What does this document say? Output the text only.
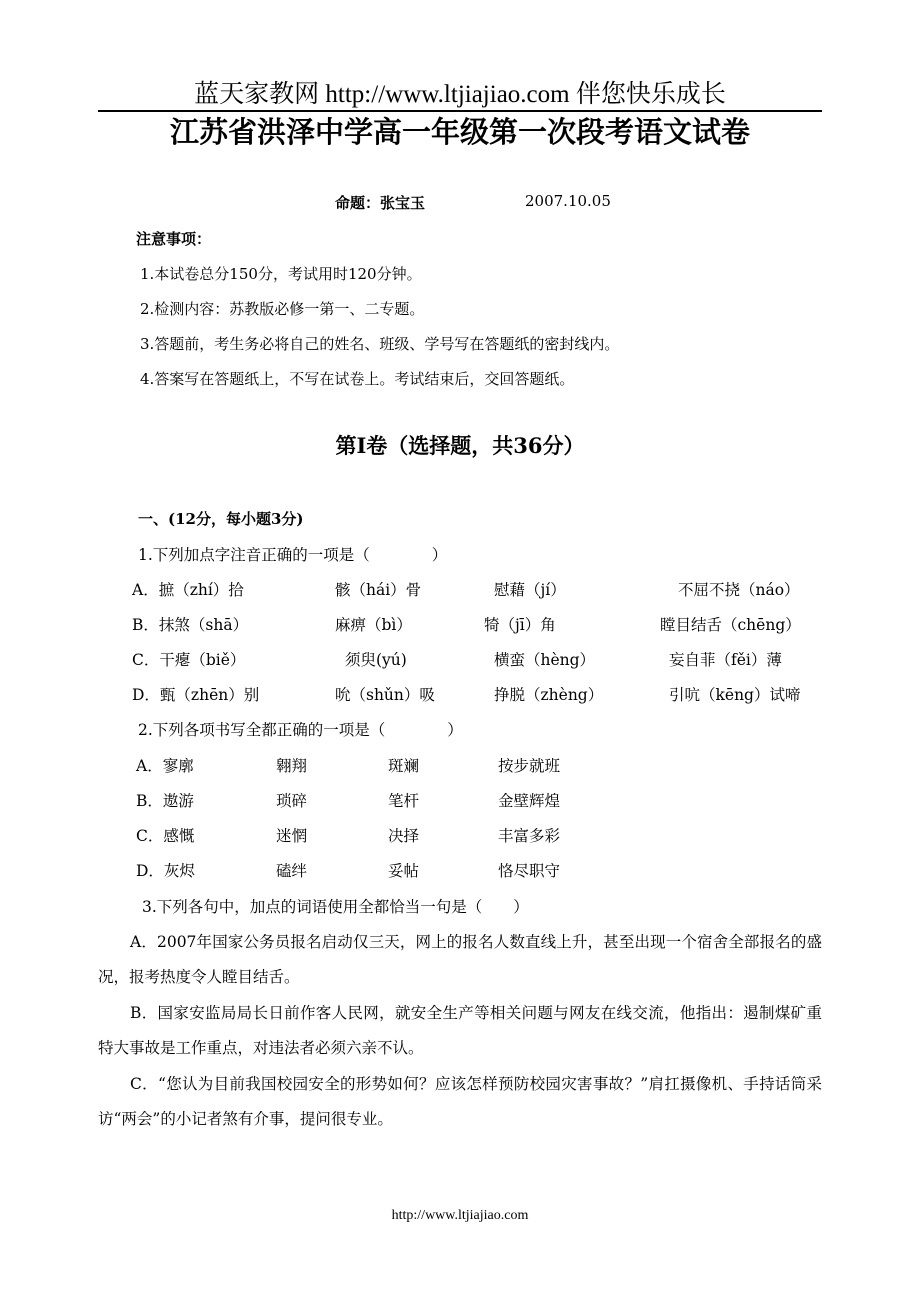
蓝天家教网 http://www.ltjiajiao.com 伴您快乐成长
江苏省洪泽中学高一年级第一次段考语文试卷
命题：张宝玉	2007.10.05
注意事项：
1.本试卷总分150分，考试用时120分钟。
2.检测内容：苏教版必修一第一、二专题。
3.答题前，考生务必将自己的姓名、班级、学号写在答题纸的密封线内。
4.答案写在答题纸上，不写在试卷上。考试结束后，交回答题纸。
第Ⅰ卷（选择题，共36分）
一、(12分，每小题3分)
1.下列加点字注音正确的一项是（　　　　）
A．摭（zhí）拾	骸（hái）骨	慰藉（jí）	不屈不挠（náo）
B．抹煞（shā）	麻痹（bì）	犄（jī）角	瞠目结舌（chēng）
C．干瘪（biě）	须臾(yú)	横蛮（hèng）	妄自菲（fěi）薄
D．甄（zhēn）别	吮（shǔn）吸	挣脱（zhèng）	引吭（kēng）试啼
2.下列各项书写全都正确的一项是（　　　　）
A．寥廓	翱翔	斑斓	按步就班
B．遨游	琐碎	笔杆	金壁辉煌
C．感慨	迷惘	决择	丰富多彩
D．灰烬	磕绊	妥帖	恪尽职守
3.下列各句中，加点的词语使用全都恰当一句是（　　）
A．2007年国家公务员报名启动仅三天，网上的报名人数直线上升，甚至出现一个宿舍全部报名的盛况，报考热度令人瞠目结舌。
B．国家安监局局长日前作客人民网，就安全生产等相关问题与网友在线交流，他指出：遏制煤矿重特大事故是工作重点，对违法者必须六亲不认。
C．“您认为目前我国校园安全的形势如何？应该怎样预防校园灾害事故？”肩扛摄像机、手持话筒采访“两会”的小记者煞有介事，提问很专业。
http://www.ltjiajiao.com
